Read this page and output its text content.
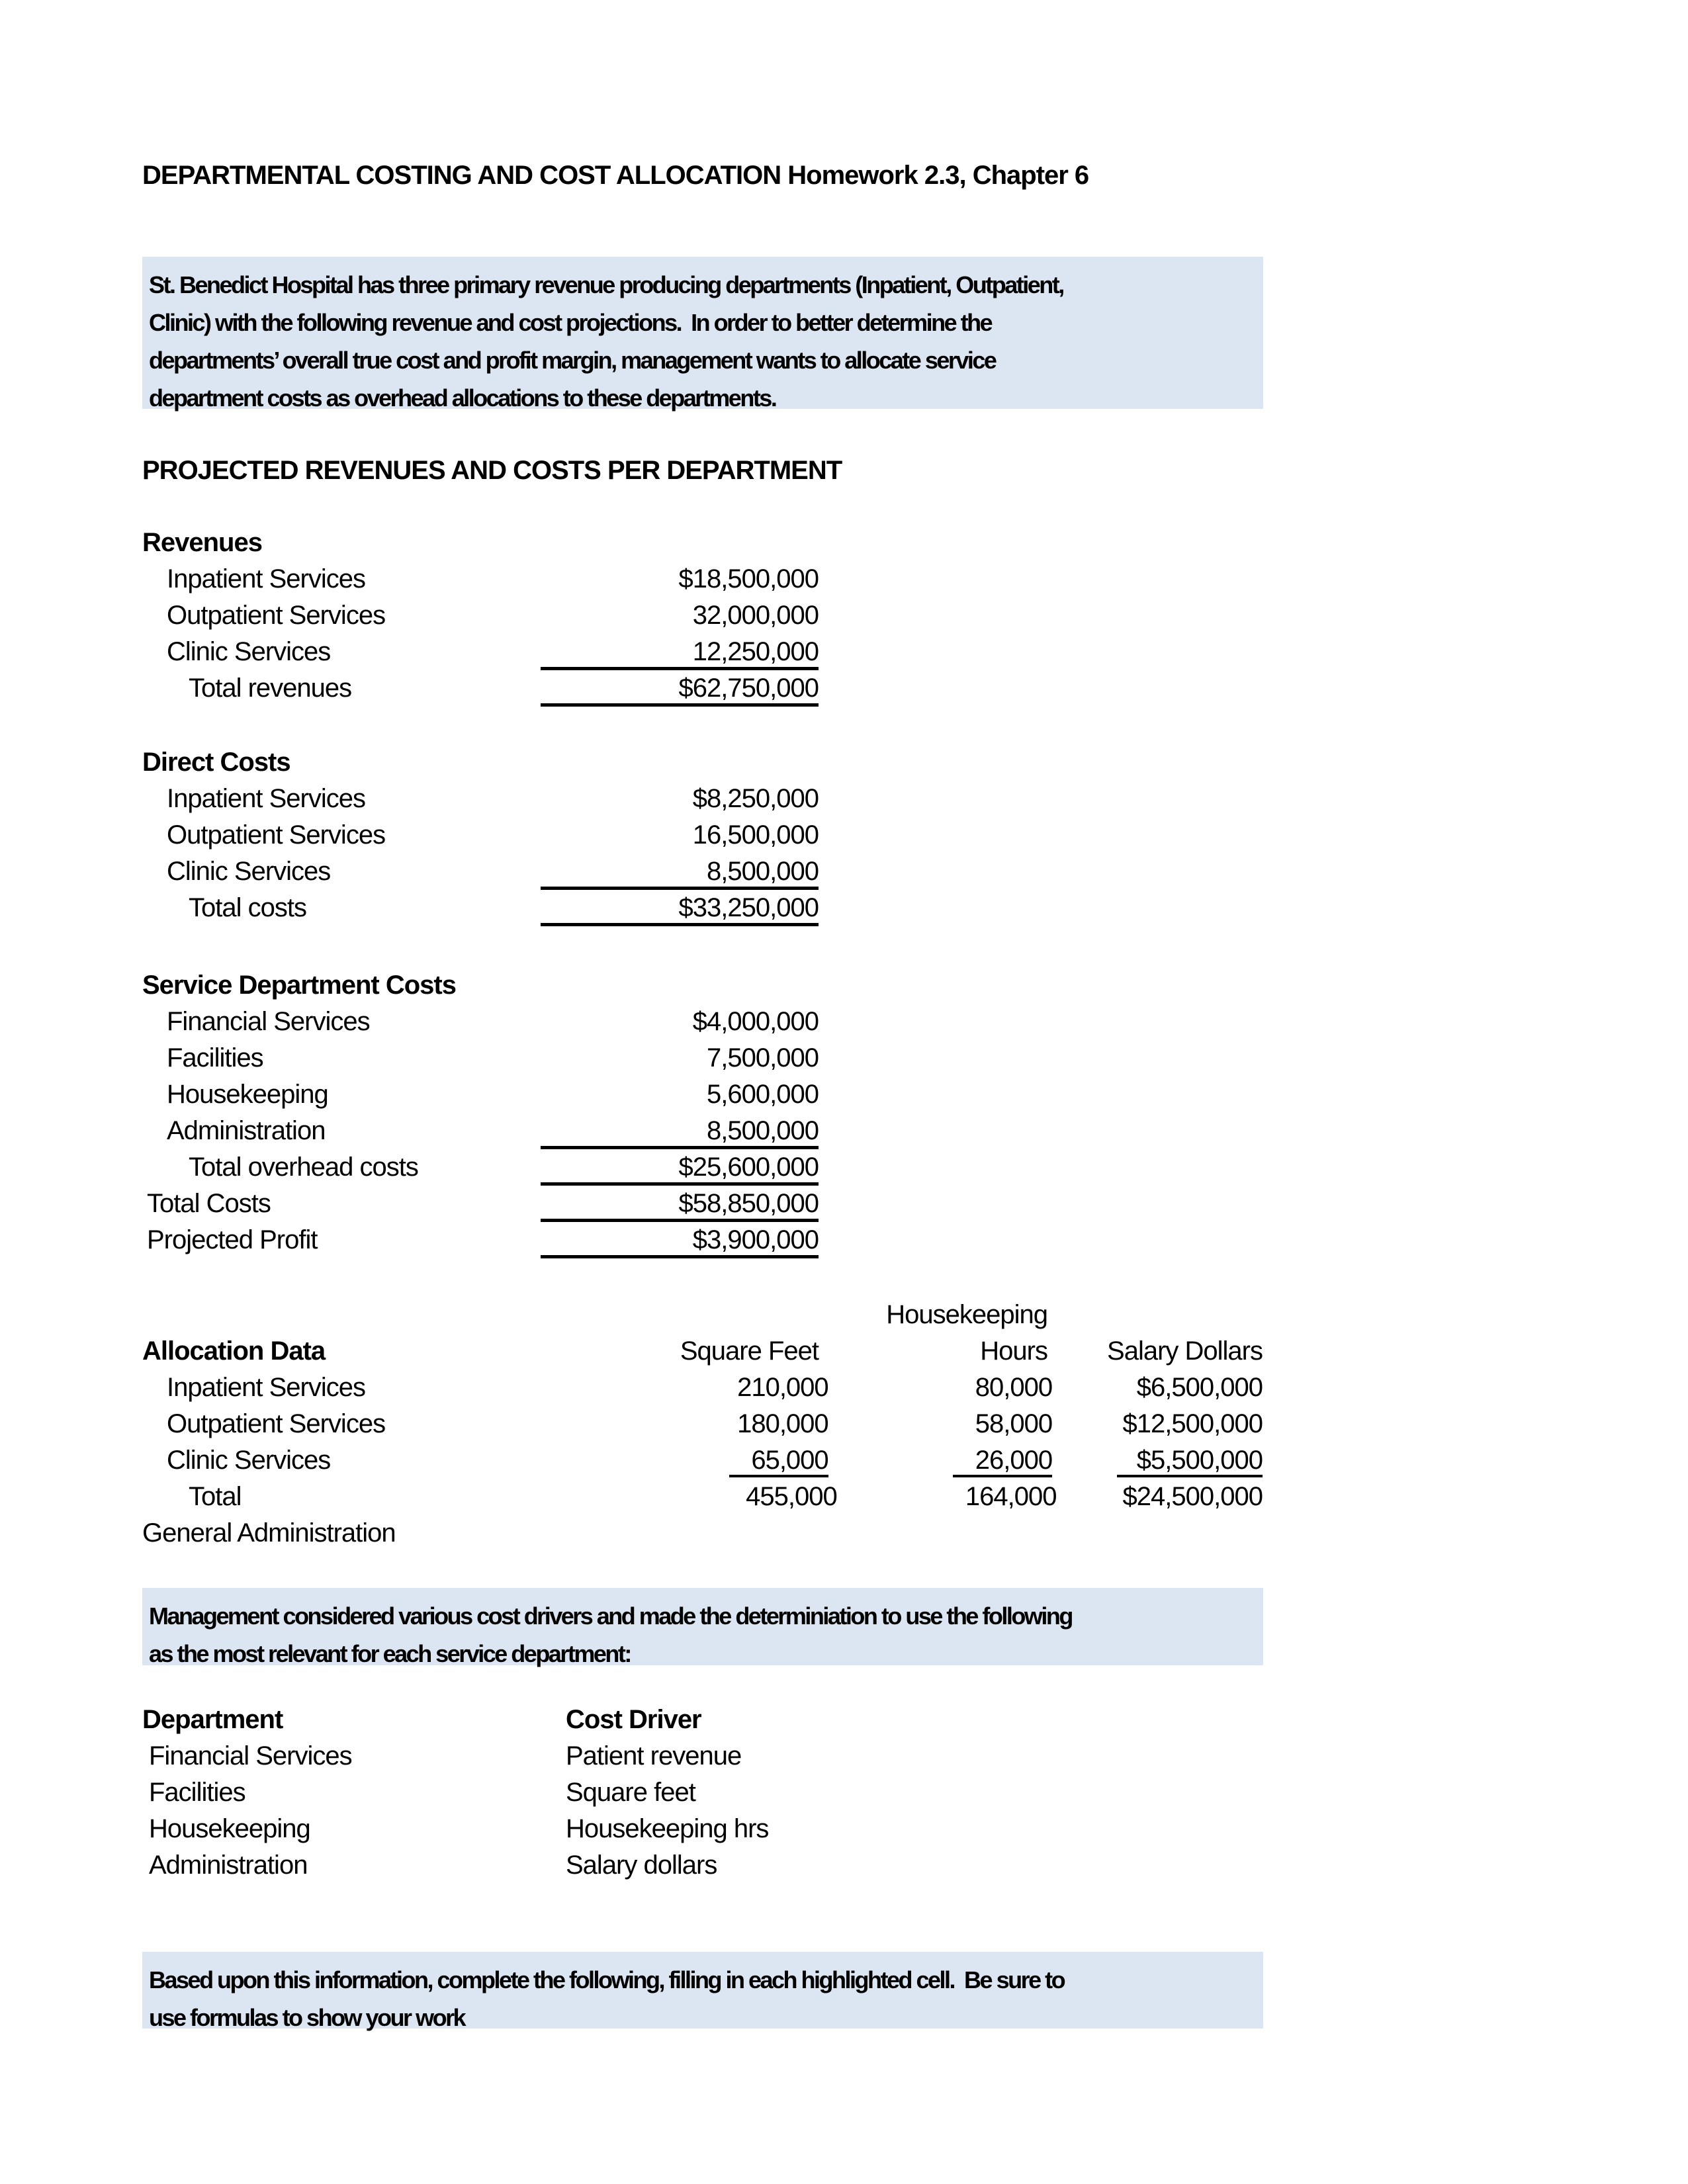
DEPARTMENTAL COSTING AND COST ALLOCATION Homework 2.3, Chapter 6
St. Benedict Hospital has three primary revenue producing departments (Inpatient, Outpatient,
Clinic) with the following revenue and cost projections.  In order to better determine the
departments’ overall true cost and profit margin, management wants to allocate service
department costs as overhead allocations to these departments.
PROJECTED REVENUES AND COSTS PER DEPARTMENT
Revenues
Inpatient Services	$18,500,000
Outpatient Services	32,000,000
Clinic Services	12,250,000
Total revenues	$62,750,000
Direct Costs
Inpatient Services	$8,250,000
Outpatient Services	16,500,000
Clinic Services	8,500,000
Total costs	$33,250,000
Service Department Costs
Financial Services	$4,000,000
Facilities	7,500,000
Housekeeping	5,600,000
Administration	8,500,000
Total overhead costs	$25,600,000
Total Costs	$58,850,000
Projected Profit	$3,900,000
Housekeeping
Allocation Data	Square Feet	Hours	Salary Dollars
Inpatient Services	210,000	80,000	$6,500,000
Outpatient Services	180,000	58,000	$12,500,000
Clinic Services	65,000	26,000	$5,500,000
Total	455,000	164,000	$24,500,000
General Administration
Management considered various cost drivers and made the determiniation to use the following
as the most relevant for each service department:
Department	Cost Driver
Financial Services	Patient revenue
Facilities	Square feet
Housekeeping	Housekeeping hrs
Administration	Salary dollars
Based upon this information, complete the following, filling in each highlighted cell.  Be sure to
use formulas to show your work
